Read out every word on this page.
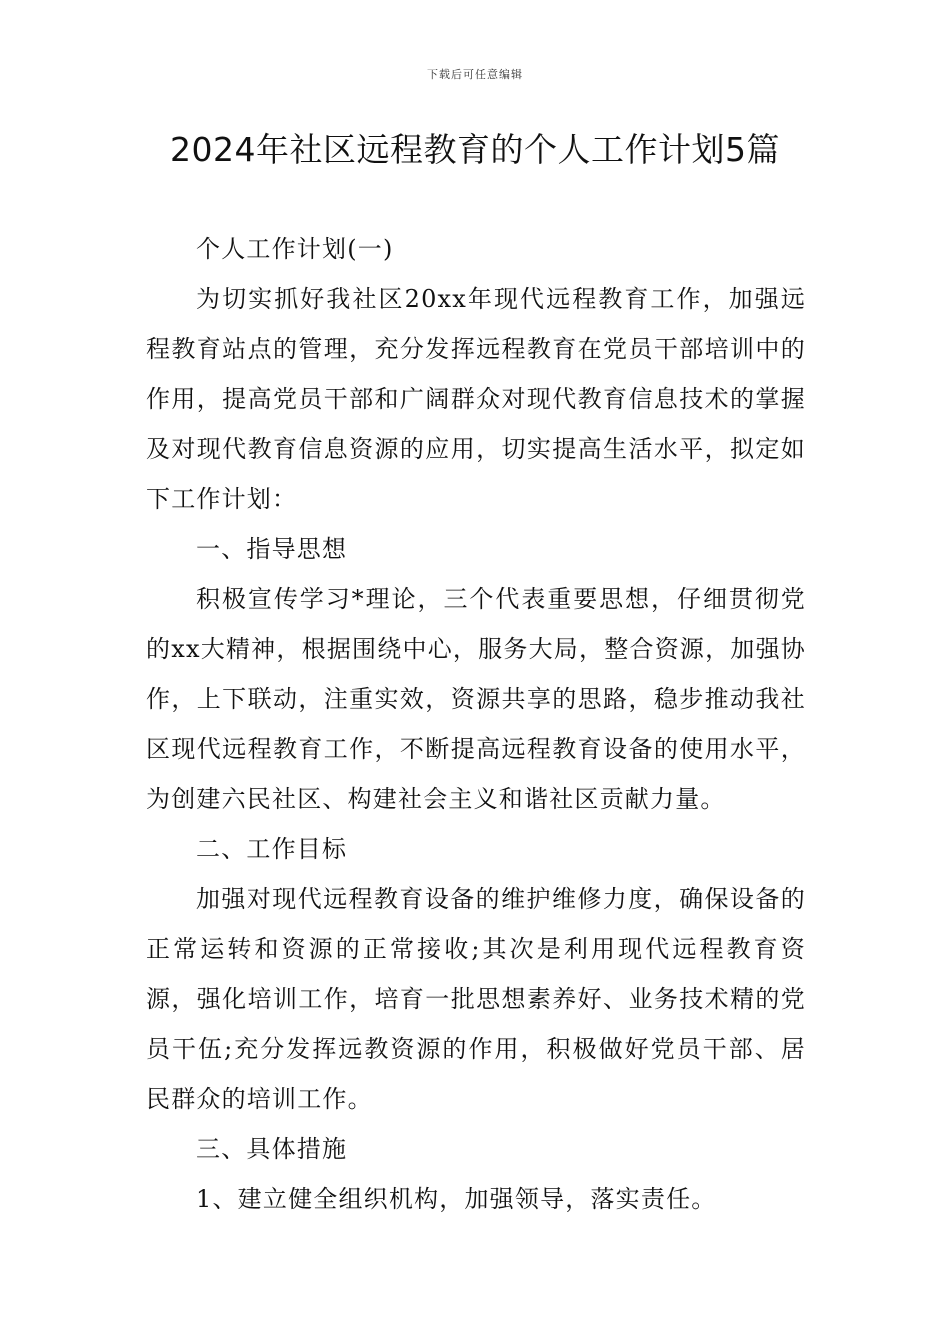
下载后可任意编辑
2024年社区远程教育的个人工作计划5篇

个人工作计划(一)

为切实抓好我社区20xx年现代远程教育工作，加强远程教育站点的管理，充分发挥远程教育在党员干部培训中的作用，提高党员干部和广阔群众对现代教育信息技术的掌握及对现代教育信息资源的应用，切实提高生活水平，拟定如下工作计划：

一、指导思想

积极宣传学习*理论，三个代表重要思想，仔细贯彻党的xx大精神，根据围绕中心，服务大局，整合资源，加强协作，上下联动，注重实效，资源共享的思路，稳步推动我社区现代远程教育工作，不断提高远程教育设备的使用水平，为创建六民社区、构建社会主义和谐社区贡献力量。

二、工作目标

加强对现代远程教育设备的维护维修力度，确保设备的正常运转和资源的正常接收;其次是利用现代远程教育资源，强化培训工作，培育一批思想素养好、业务技术精的党员干伍;充分发挥远教资源的作用，积极做好党员干部、居民群众的培训工作。

三、具体措施

1、建立健全组织机构，加强领导，落实责任。
